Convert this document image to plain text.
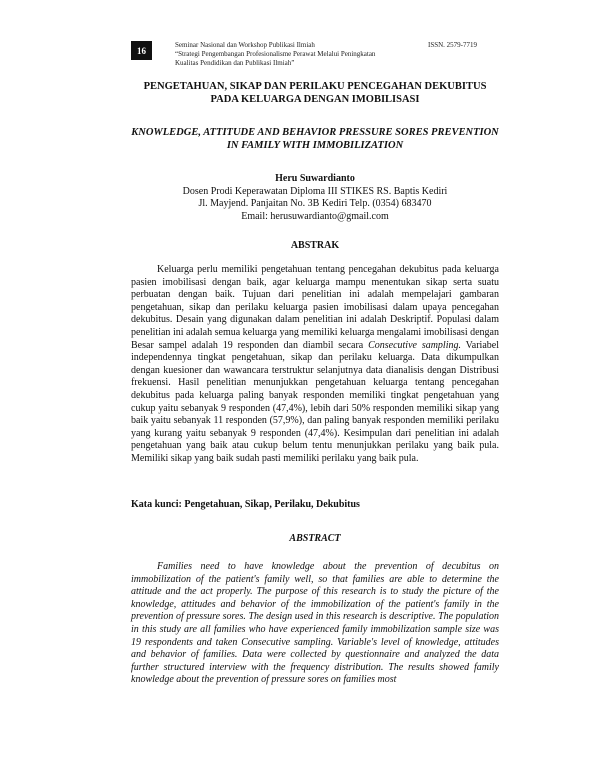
16
Seminar Nasional dan Workshop Publikasi Ilmiah
“Strategi Pengembangan Profesionalisme Perawat Melalui Peningkatan
Kualitas Pendidikan dan Publikasi Ilmiah”
ISSN. 2579-7719
PENGETAHUAN, SIKAP DAN PERILAKU PENCEGAHAN DEKUBITUS PADA KELUARGA DENGAN IMOBILISASI
KNOWLEDGE, ATTITUDE AND BEHAVIOR PRESSURE SORES PREVENTION IN FAMILY WITH IMMOBILIZATION
Heru Suwardianto
Dosen Prodi Keperawatan Diploma III STIKES RS. Baptis Kediri
Jl. Mayjend. Panjaitan No. 3B Kediri Telp. (0354) 683470
Email: herusuwardianto@gmail.com
ABSTRAK
Keluarga perlu memiliki pengetahuan tentang pencegahan dekubitus pada keluarga pasien imobilisasi dengan baik, agar keluarga mampu menentukan sikap serta suatu perbuatan dengan baik. Tujuan dari penelitian ini adalah mempelajari gambaran pengetahuan, sikap dan perilaku keluarga pasien imobilisasi dalam upaya pencegahan dekubitus. Desain yang digunakan dalam penelitian ini adalah Deskriptif. Populasi dalam penelitian ini adalah semua keluarga yang memiliki keluarga mengalami imobilisasi dengan Besar sampel adalah 19 responden dan diambil secara Consecutive sampling. Variabel independennya tingkat pengetahuan, sikap dan perilaku keluarga. Data dikumpulkan dengan kuesioner dan wawancara terstruktur selanjutnya data dianalisis dengan Distribusi frekuensi. Hasil penelitian menunjukkan pengetahuan keluarga tentang pencegahan dekubitus pada keluarga paling banyak responden memiliki tingkat pengetahuan yang cukup yaitu sebanyak 9 responden (47,4%), lebih dari 50% responden memiliki sikap yang baik yaitu sebanyak 11 responden (57,9%), dan paling banyak responden memiliki perilaku yang kurang yaitu sebanyak 9 responden (47,4%). Kesimpulan dari penelitian ini adalah pengetahuan yang baik atau cukup belum tentu menunjukkan perilaku yang baik pula. Memiliki sikap yang baik sudah pasti memiliki perilaku yang baik pula.
Kata kunci: Pengetahuan, Sikap, Perilaku, Dekubitus
ABSTRACT
Families need to have knowledge about the prevention of decubitus on immobilization of the patient's family well, so that families are able to determine the attitude and the act properly. The purpose of this research is to study the picture of the knowledge, attitudes and behavior of the immobilization of the patient's family in the prevention of pressure sores. The design used in this research is descriptive. The population in this study are all families who have experienced family immobilization sample size was 19 respondents and taken Consecutive sampling. Variable's level of knowledge, attitudes and behavior of families. Data were collected by questionnaire and analyzed the data further structured interview with the frequency distribution. The results showed family knowledge about the prevention of pressure sores on families most
